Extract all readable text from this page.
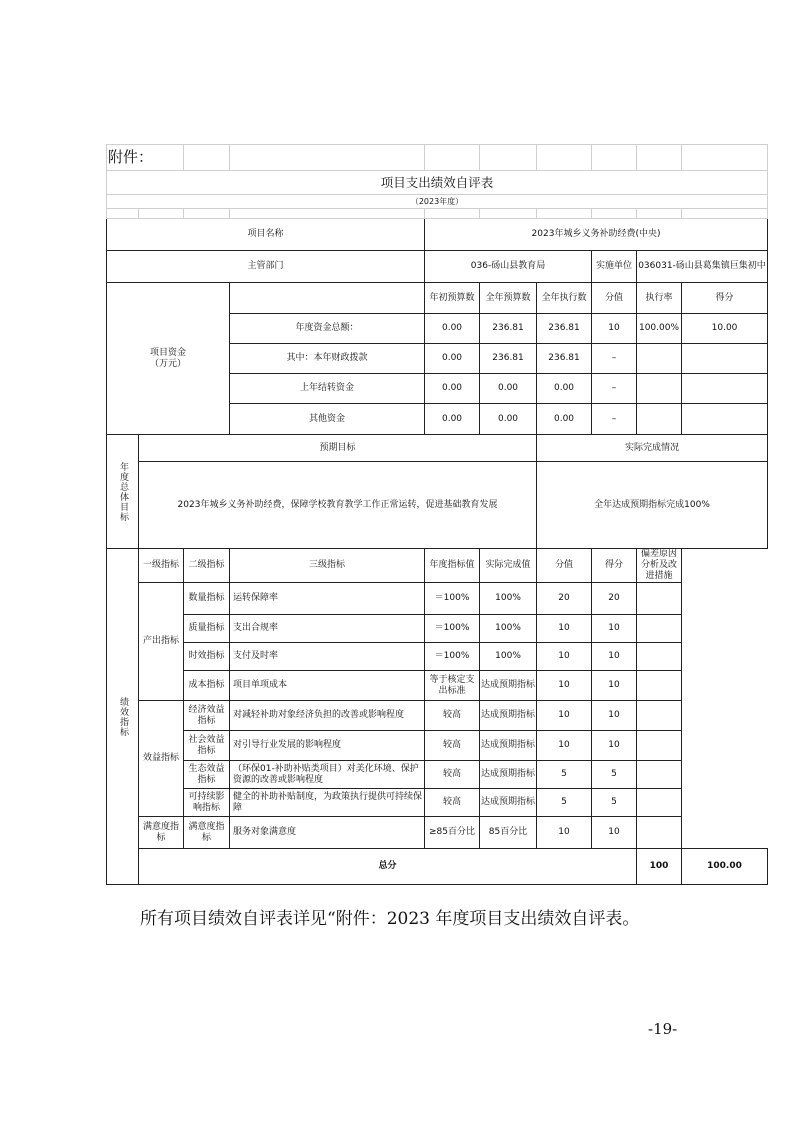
附件：										
项目支出绩效自评表										
（2023年度）										

项目名称				2023年城乡义务补助经费(中央)						
主管部门				036-砀山县教育局			实施单位	036031-砀山县葛集镇巨集初中		
项目资金
（万元）				年初预算数	全年预算数	全年执行数	分值	执行率	得分	
			年度资金总额：	0.00	236.81	236.81	10	100.00%	10.00	
			其中：本年财政拨款	0.00	236.81	236.81	–			
			上年结转资金	0.00	0.00	0.00	–			
			其他资金	0.00	0.00	0.00	–			
年度总体目标	预期目标					实际完成情况				
	2023年城乡义务补助经费，保障学校教育教学工作正常运转，促进基础教育发展					全年达成预期指标完成100%				
绩效指标	一级指标	二级指标	三级指标	年度指标值	实际完成值	分值	得分	偏差原因分析及改进措施		
	产出指标	数量指标	运转保障率	＝100%	100%	20	20			
		质量指标	支出合规率	＝100%	100%	10	10			
		时效指标	支付及时率	＝100%	100%	10	10			
		成本指标	项目单项成本	等于核定支出标准	达成预期指标	10	10			
	效益指标	经济效益指标	对减轻补助对象经济负担的改善或影响程度	较高	达成预期指标	10	10			
		社会效益指标	对引导行业发展的影响程度	较高	达成预期指标	10	10			
		生态效益指标	（环保01-补助补贴类项目）对美化环境、保护资源的改善或影响程度	较高	达成预期指标	5	5			
		可持续影响指标	健全的补助补贴制度，为政策执行提供可持续保障	较高	达成预期指标	5	5			
	满意度指标	满意度指标	服务对象满意度	≥85百分比	85百分比	10	10			
	总分							100	100.00	

所有项目绩效自评表详见“附件：2023 年度项目支出绩效自评表。

-19-
